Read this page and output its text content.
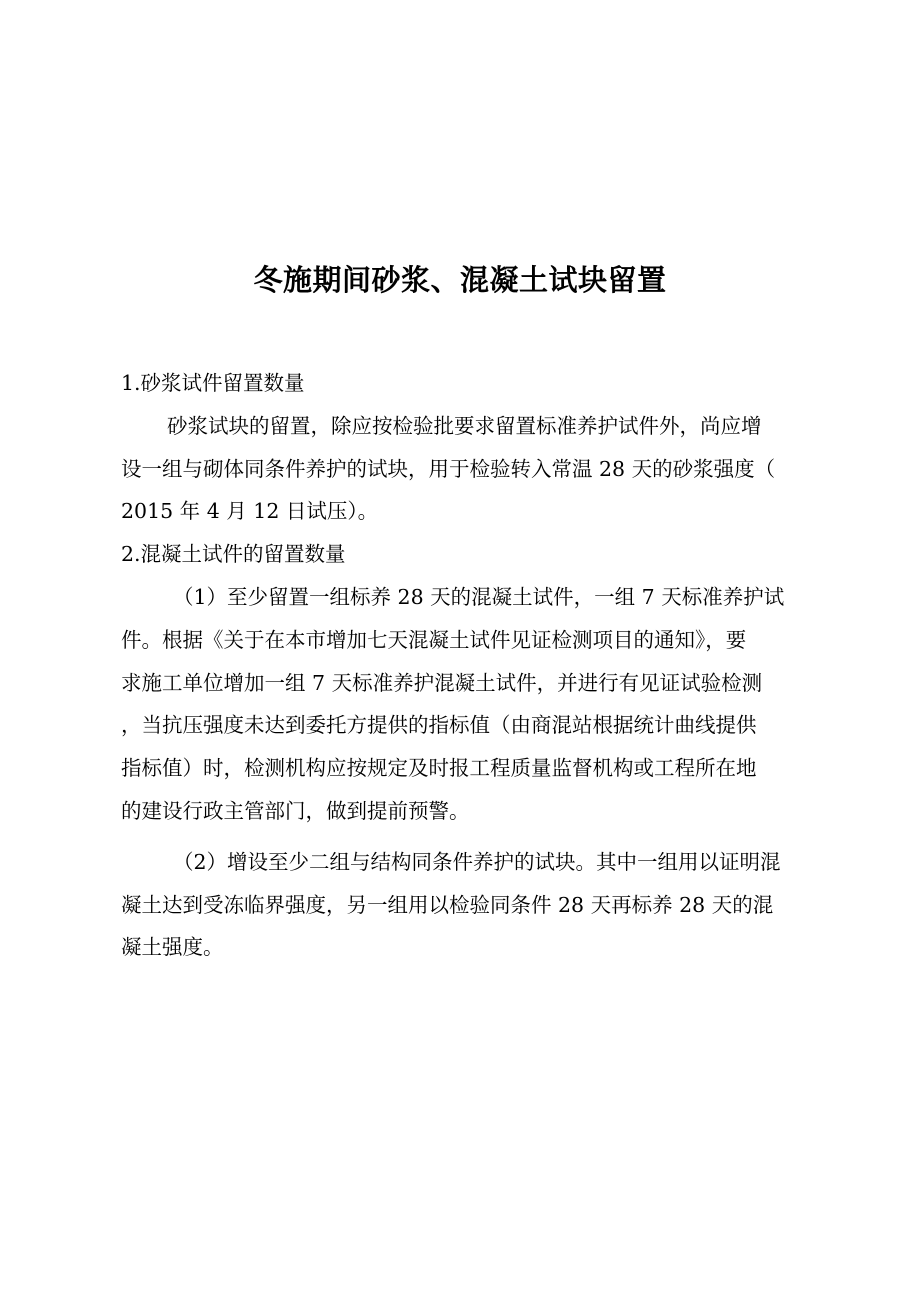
冬施期间砂浆、混凝土试块留置
1.砂浆试件留置数量
砂浆试块的留置，除应按检验批要求留置标准养护试件外，尚应增
设一组与砌体同条件养护的试块，用于检验转入常温 28 天的砂浆强度（
2015 年 4 月 12 日试压）。
2.混凝土试件的留置数量
（1）至少留置一组标养 28 天的混凝土试件，一组 7 天标准养护试
件。根据《关于在本市增加七天混凝土试件见证检测项目的通知》，要
求施工单位增加一组 7 天标准养护混凝土试件，并进行有见证试验检测
，当抗压强度未达到委托方提供的指标值（由商混站根据统计曲线提供
指标值）时，检测机构应按规定及时报工程质量监督机构或工程所在地
的建设行政主管部门，做到提前预警。
（2）增设至少二组与结构同条件养护的试块。其中一组用以证明混
凝土达到受冻临界强度，另一组用以检验同条件 28 天再标养 28 天的混
凝土强度。
